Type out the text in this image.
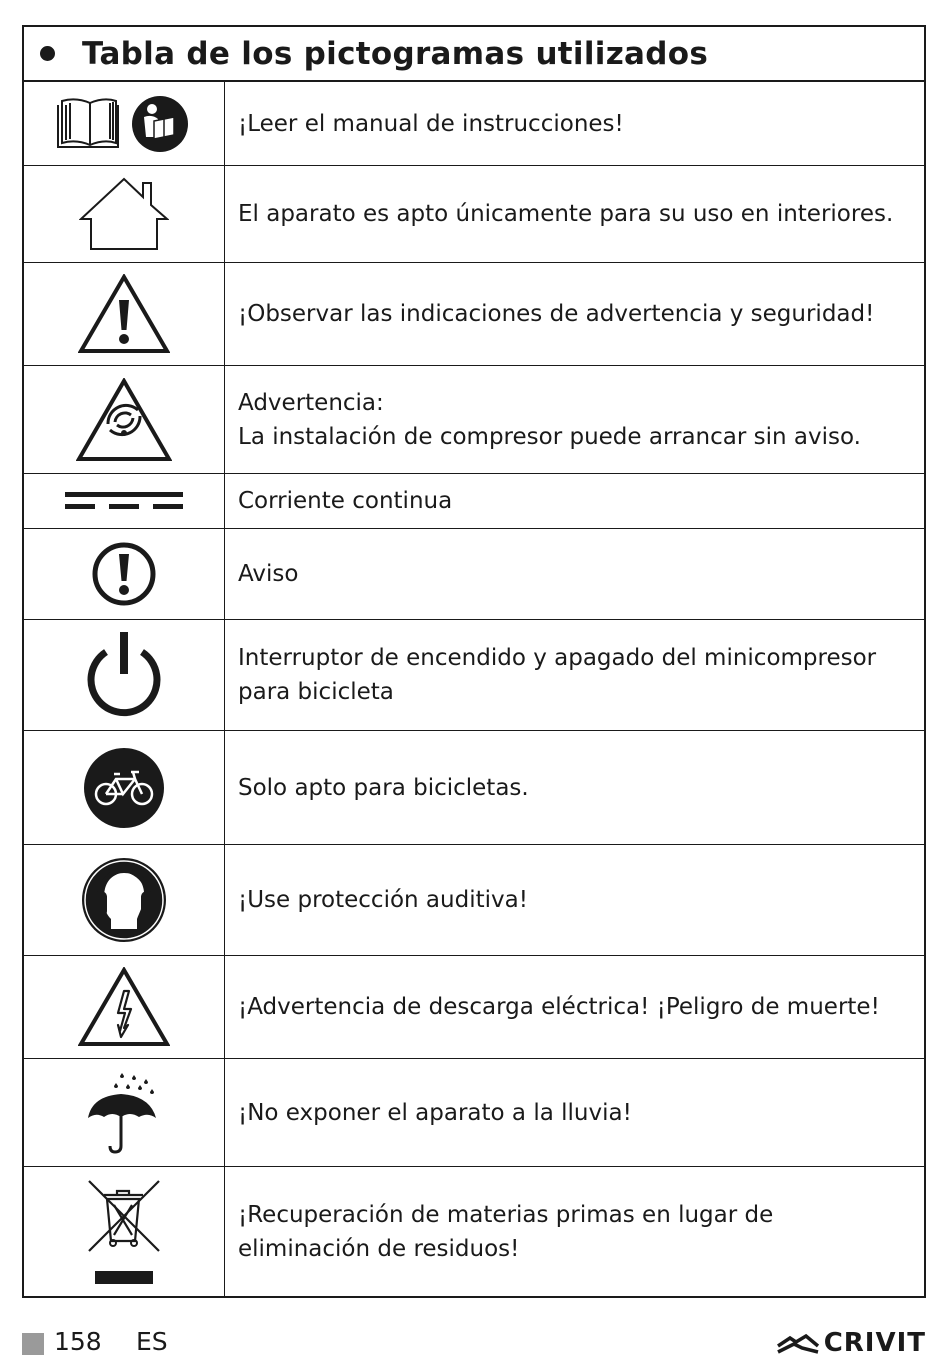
Tabla de los pictogramas utilizados
¡Leer el manual de instrucciones!
El aparato es apto únicamente para su uso en interiores.
¡Observar las indicaciones de advertencia y seguridad!
Advertencia:
La instalación de compresor puede arrancar sin aviso.
Corriente continua
Aviso
Interruptor de encendido y apagado del minicompresor
para bicicleta
Solo apto para bicicletas.
¡Use protección auditiva!
¡Advertencia de descarga eléctrica! ¡Peligro de muerte!
¡No exponer el aparato a la lluvia!
¡Recuperación de materias primas en lugar de
eliminación de residuos!
158 ES	CRIVIT
